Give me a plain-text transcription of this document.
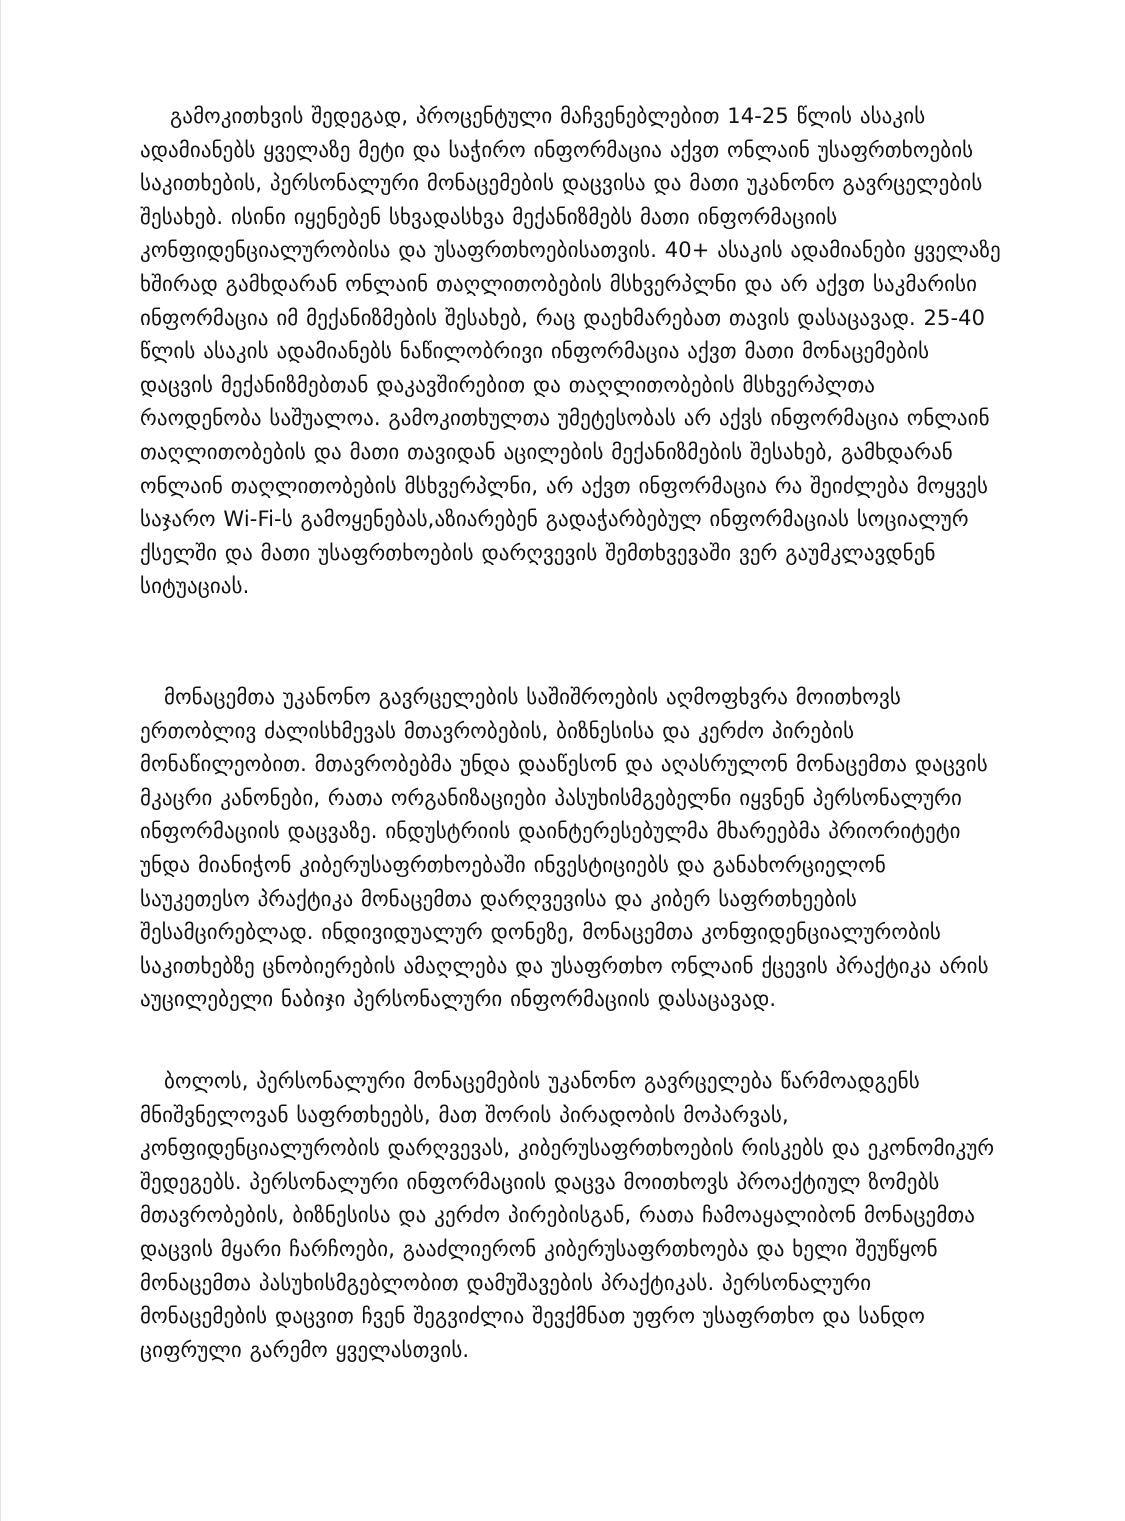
გამოკითხვის შედეგად, პროცენტული მაჩვენებლებით 14-25 წლის ასაკის ადამიანებს ყველაზე მეტი და საჭირო ინფორმაცია აქვთ ონლაინ უსაფრთხოების საკითხების, პერსონალური მონაცემების დაცვისა და მათი უკანონო გავრცელების შესახებ. ისინი იყენებენ სხვადასხვა მექანიზმებს მათი ინფორმაციის კონფიდენციალურობისა და უსაფრთხოებისათვის. 40+ ასაკის ადამიანები ყველაზე ხშირად გამხდარან ონლაინ თაღლითობების მსხვერპლნი და არ აქვთ საკმარისი ინფორმაცია იმ მექანიზმების შესახებ, რაც დაეხმარებათ თავის დასაცავად. 25-40 წლის ასაკის ადამიანებს ნაწილობრივი ინფორმაცია აქვთ მათი მონაცემების დაცვის მექანიზმებთან დაკავშირებით და თაღლითობების მსხვერპლთა რაოდენობა საშუალოა. გამოკითხულთა უმეტესობას არ აქვს ინფორმაცია ონლაინ თაღლითობების და მათი თავიდან აცილების მექანიზმების შესახებ, გამხდარან ონლაინ თაღლითობების მსხვერპლნი, არ აქვთ ინფორმაცია რა შეიძლება მოყვეს საჯარო Wi-Fi-ს გამოყენებას,აზიარებენ გადაჭარბებულ ინფორმაციას სოციალურ ქსელში და მათი უსაფრთხოების დარღვევის შემთხვევაში ვერ გაუმკლავდნენ სიტუაციას.

მონაცემთა უკანონო გავრცელების საშიშროების აღმოფხვრა მოითხოვს ერთობლივ ძალისხმევას მთავრობების, ბიზნესისა და კერძო პირების მონაწილეობით. მთავრობებმა უნდა დააწესონ და აღასრულონ მონაცემთა დაცვის მკაცრი კანონები, რათა ორგანიზაციები პასუხისმგებელნი იყვნენ პერსონალური ინფორმაციის დაცვაზე. ინდუსტრიის დაინტერესებულმა მხარეებმა პრიორიტეტი უნდა მიანიჭონ კიბერუსაფრთხოებაში ინვესტიციებს და განახორციელონ საუკეთესო პრაქტიკა მონაცემთა დარღვევისა და კიბერ საფრთხეების შესამცირებლად. ინდივიდუალურ დონეზე, მონაცემთა კონფიდენციალურობის საკითხებზე ცნობიერების ამაღლება და უსაფრთხო ონლაინ ქცევის პრაქტიკა არის აუცილებელი ნაბიჯი პერსონალური ინფორმაციის დასაცავად.

ბოლოს, პერსონალური მონაცემების უკანონო გავრცელება წარმოადგენს მნიშვნელოვან საფრთხეებს, მათ შორის პირადობის მოპარვას, კონფიდენციალურობის დარღვევას, კიბერუსაფრთხოების რისკებს და ეკონომიკურ შედეგებს. პერსონალური ინფორმაციის დაცვა მოითხოვს პროაქტიულ ზომებს მთავრობების, ბიზნესისა და კერძო პირებისგან, რათა ჩამოაყალიბონ მონაცემთა დაცვის მყარი ჩარჩოები, გააძლიერონ კიბერუსაფრთხოება და ხელი შეუწყონ მონაცემთა პასუხისმგებლობით დამუშავების პრაქტიკას. პერსონალური მონაცემების დაცვით ჩვენ შეგვიძლია შევქმნათ უფრო უსაფრთხო და სანდო ციფრული გარემო ყველასთვის.
